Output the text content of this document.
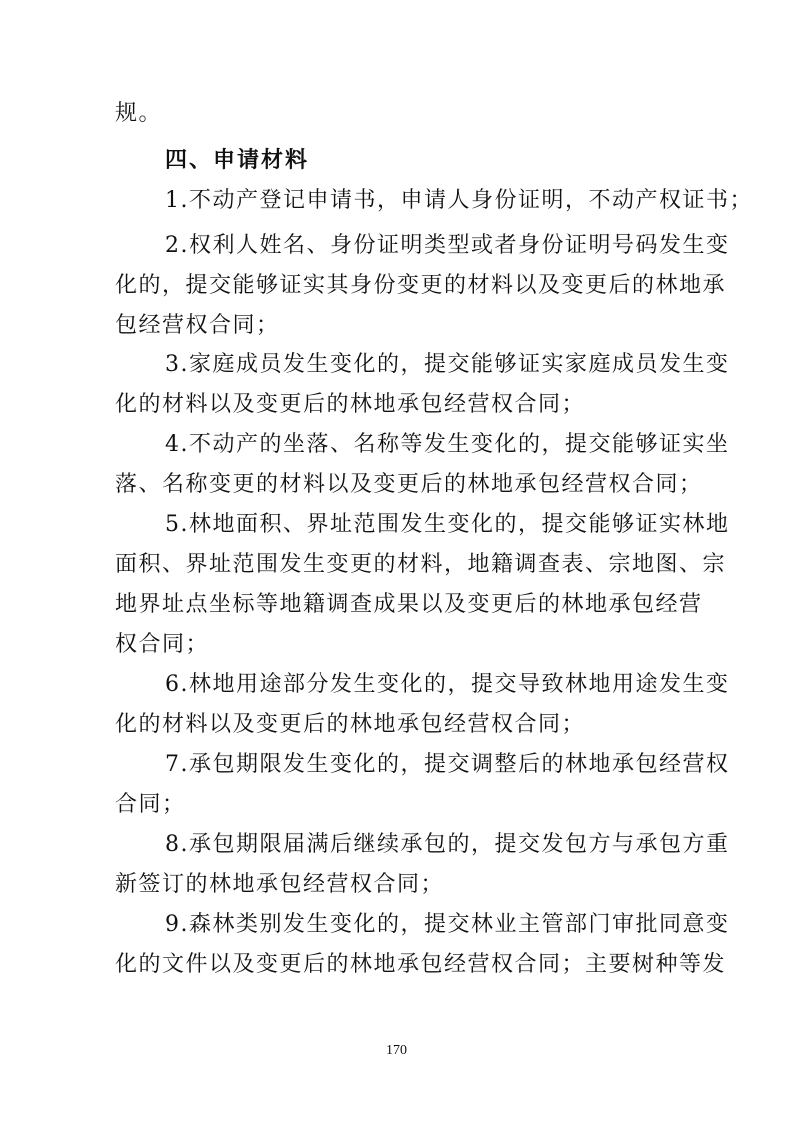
规。
四、申请材料
1.不动产登记申请书，申请人身份证明，不动产权证书；
2.权利人姓名、身份证明类型或者身份证明号码发生变
化的，提交能够证实其身份变更的材料以及变更后的林地承
包经营权合同；
3.家庭成员发生变化的，提交能够证实家庭成员发生变
化的材料以及变更后的林地承包经营权合同；
4.不动产的坐落、名称等发生变化的，提交能够证实坐
落、名称变更的材料以及变更后的林地承包经营权合同；
5.林地面积、界址范围发生变化的，提交能够证实林地
面积、界址范围发生变更的材料，地籍调查表、宗地图、宗
地界址点坐标等地籍调查成果以及变更后的林地承包经营
权合同；
6.林地用途部分发生变化的，提交导致林地用途发生变
化的材料以及变更后的林地承包经营权合同；
7.承包期限发生变化的，提交调整后的林地承包经营权
合同；
8.承包期限届满后继续承包的，提交发包方与承包方重
新签订的林地承包经营权合同；
9.森林类别发生变化的，提交林业主管部门审批同意变
化的文件以及变更后的林地承包经营权合同；主要树种等发
170
